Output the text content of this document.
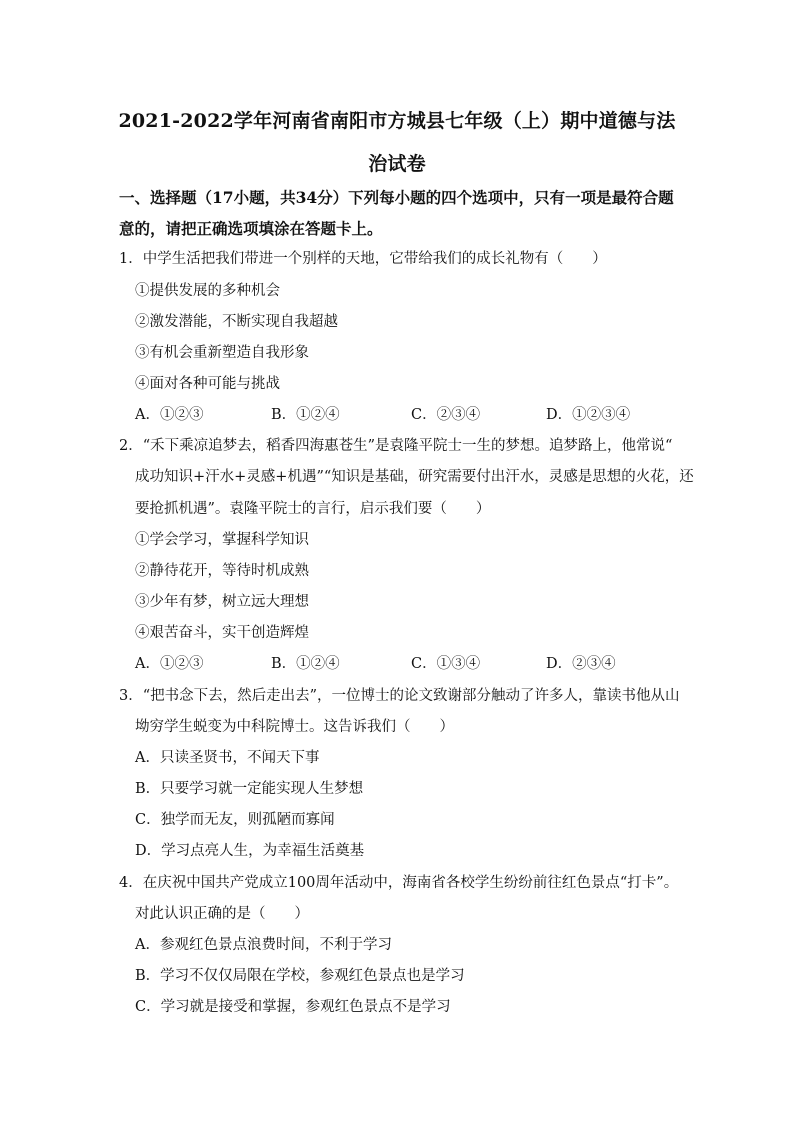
2021-2022学年河南省南阳市方城县七年级（上）期中道德与法
治试卷
一、选择题（17小题，共34分）下列每小题的四个选项中，只有一项是最符合题意的，请把正确选项填涂在答题卡上。
1．中学生活把我们带进一个别样的天地，它带给我们的成长礼物有（　　）
①提供发展的多种机会
②激发潜能，不断实现自我超越
③有机会重新塑造自我形象
④面对各种可能与挑战
A．①②③	B．①②④	C．②③④	D．①②③④
2．“禾下乘凉追梦去，稻香四海惠苍生”是袁隆平院士一生的梦想。追梦路上，他常说“
成功知识+汗水+灵感+机遇”“知识是基础，研究需要付出汗水，灵感是思想的火花，还
要抢抓机遇”。袁隆平院士的言行，启示我们要（　　）
①学会学习，掌握科学知识
②静待花开，等待时机成熟
③少年有梦，树立远大理想
④艰苦奋斗，实干创造辉煌
A．①②③	B．①②④	C．①③④	D．②③④
3．“把书念下去，然后走出去”，一位博士的论文致谢部分触动了许多人，靠读书他从山
坳穷学生蜕变为中科院博士。这告诉我们（　　）
A．只读圣贤书，不闻天下事
B．只要学习就一定能实现人生梦想
C．独学而无友，则孤陋而寡闻
D．学习点亮人生，为幸福生活奠基
4．在庆祝中国共产党成立100周年活动中，海南省各校学生纷纷前往红色景点“打卡”。
对此认识正确的是（　　）
A．参观红色景点浪费时间，不利于学习
B．学习不仅仅局限在学校，参观红色景点也是学习
C．学习就是接受和掌握，参观红色景点不是学习
